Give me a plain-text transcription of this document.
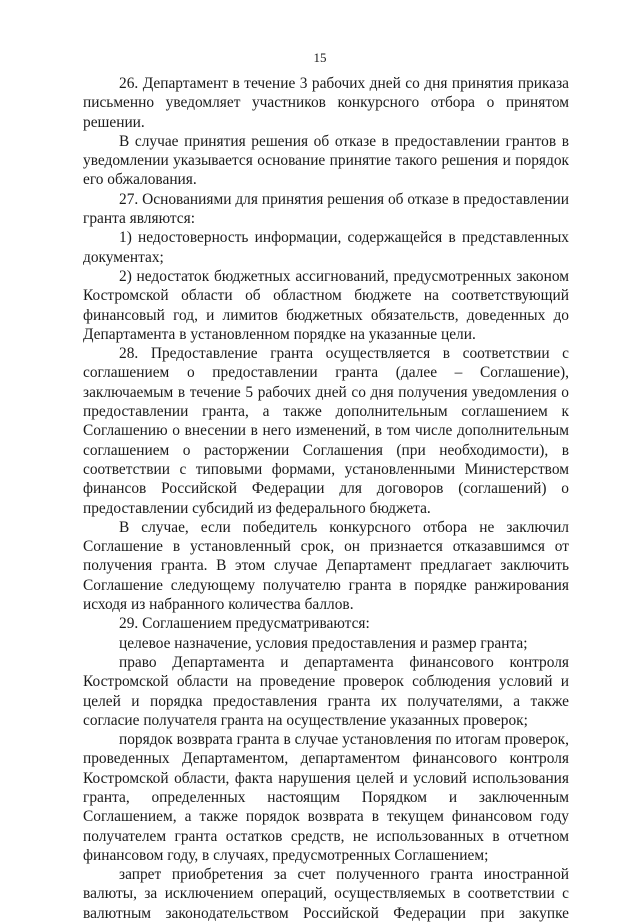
15

26. Департамент в течение 3 рабочих дней со дня принятия приказа письменно уведомляет участников конкурсного отбора о принятом решении.

В случае принятия решения об отказе в предоставлении грантов в уведомлении указывается основание принятие такого решения и порядок его обжалования.

27. Основаниями для принятия решения об отказе в предоставлении гранта являются:

1) недостоверность информации, содержащейся в представленных документах;

2) недостаток бюджетных ассигнований, предусмотренных законом Костромской области об областном бюджете на соответствующий финансовый год, и лимитов бюджетных обязательств, доведенных до Департамента в установленном порядке на указанные цели.

28. Предоставление гранта осуществляется в соответствии с соглашением о предоставлении гранта (далее – Соглашение), заключаемым в течение 5 рабочих дней со дня получения уведомления о предоставлении гранта, а также дополнительным соглашением к Соглашению о внесении в него изменений, в том числе дополнительным соглашением о расторжении Соглашения (при необходимости), в соответствии с типовыми формами, установленными Министерством финансов Российской Федерации для договоров (соглашений) о предоставлении субсидий из федерального бюджета.

В случае, если победитель конкурсного отбора не заключил Соглашение в установленный срок, он признается отказавшимся от получения гранта. В этом случае Департамент предлагает заключить Соглашение следующему получателю гранта в порядке ранжирования исходя из набранного количества баллов.

29. Соглашением предусматриваются:

целевое назначение, условия предоставления и размер гранта;

право Департамента и департамента финансового контроля Костромской области на проведение проверок соблюдения условий и целей и порядка предоставления гранта их получателями, а также согласие получателя гранта на осуществление указанных проверок;

порядок возврата гранта в случае установления по итогам проверок, проведенных Департаментом, департаментом финансового контроля Костромской области, факта нарушения целей и условий использования гранта, определенных настоящим Порядком и заключенным Соглашением, а также порядок возврата в текущем финансовом году получателем гранта остатков средств, не использованных в отчетном финансовом году, в случаях, предусмотренных Соглашением;

запрет приобретения за счет полученного гранта иностранной валюты, за исключением операций, осуществляемых в соответствии с валютным законодательством Российской Федерации при закупке
